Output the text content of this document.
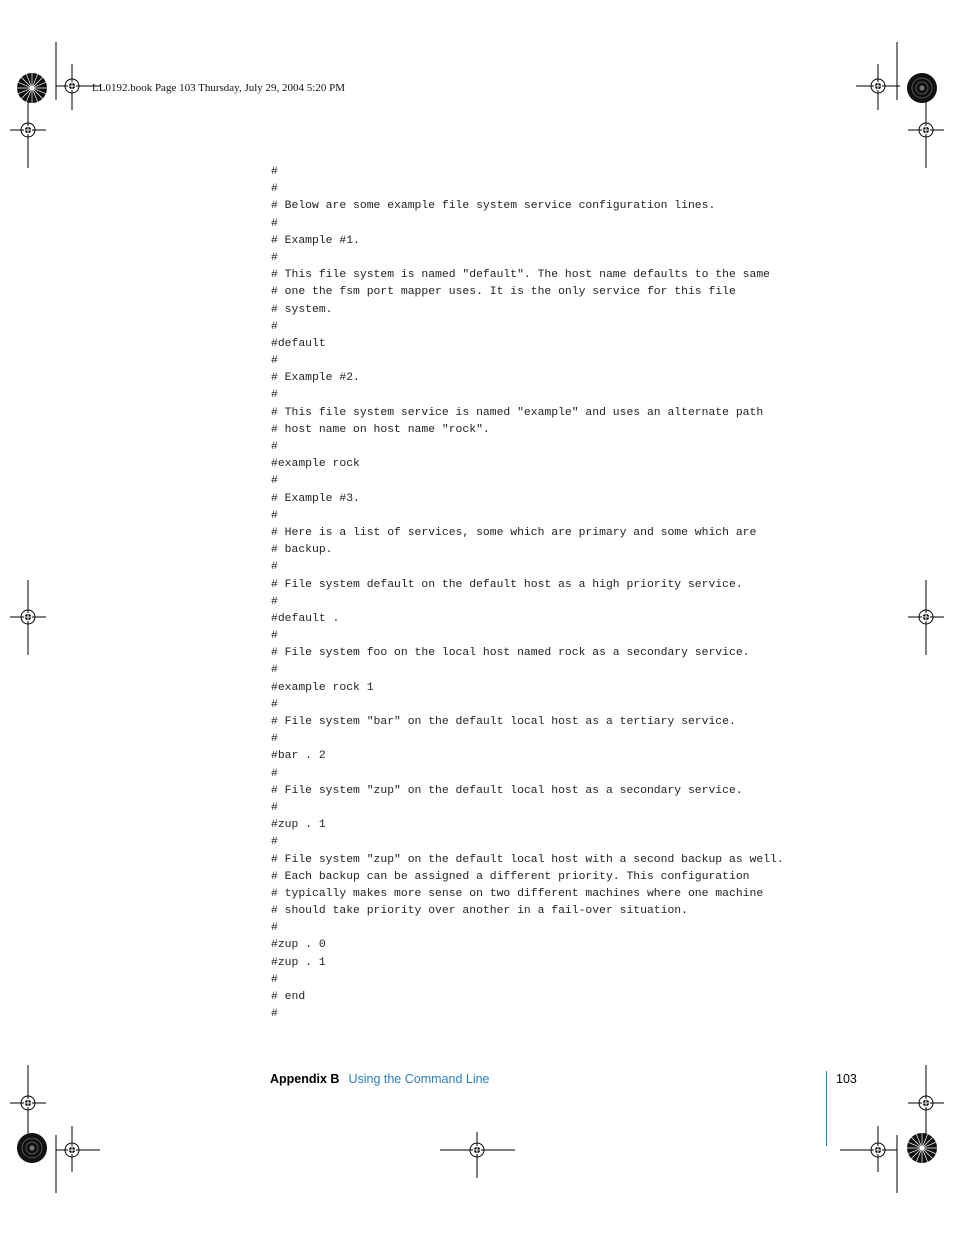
LL0192.book Page 103 Thursday, July 29, 2004 5:20 PM
#
#
# Below are some example file system service configuration lines.
#
# Example #1.
#
# This file system is named "default". The host name defaults to the same
# one the fsm port mapper uses. It is the only service for this file
# system.
#
#default
#
# Example #2.
#
# This file system service is named "example" and uses an alternate path
# host name on host name "rock".
#
#example rock
#
# Example #3.
#
# Here is a list of services, some which are primary and some which are
# backup.
#
# File system default on the default host as a high priority service.
#
#default .
#
# File system foo on the local host named rock as a secondary service.
#
#example rock 1
#
# File system "bar" on the default local host as a tertiary service.
#
#bar . 2
#
# File system "zup" on the default local host as a secondary service.
#
#zup . 1
#
# File system "zup" on the default local host with a second backup as well.
# Each backup can be assigned a different priority. This configuration
# typically makes more sense on two different machines where one machine
# should take priority over another in a fail-over situation.
#
#zup . 0
#zup . 1
#
# end
#
Appendix B Using the Command Line	103
